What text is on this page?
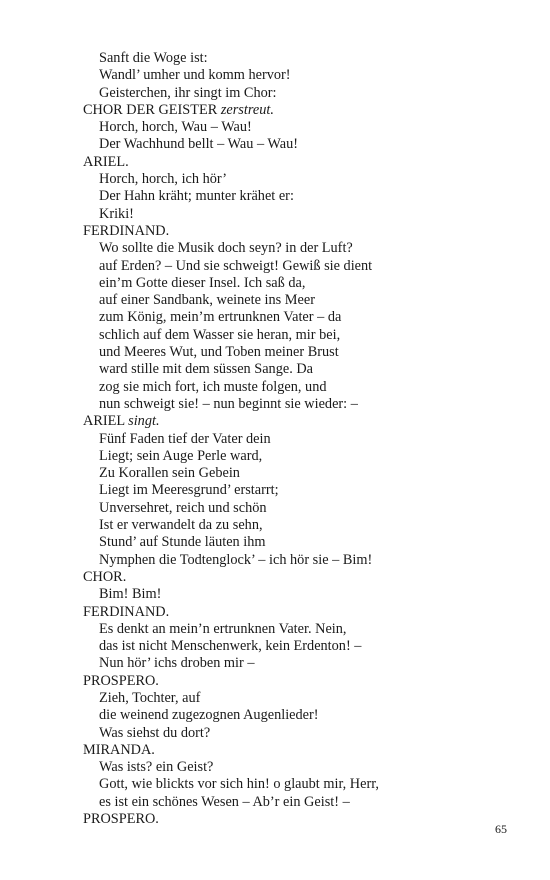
Sanft die Woge ist:
Wandl’ umher und komm hervor!
Geisterchen, ihr singt im Chor:
CHOR DER GEISTER zerstreut.
Horch, horch, Wau – Wau!
Der Wachhund bellt – Wau – Wau!
ARIEL.
Horch, horch, ich hör’
Der Hahn kräht; munter krähet er:
Kriki!
FERDINAND.
Wo sollte die Musik doch seyn? in der Luft?
auf Erden? – Und sie schweigt! Gewiß sie dient
ein’m Gotte dieser Insel. Ich saß da,
auf einer Sandbank, weinete ins Meer
zum König, mein’m ertrunknen Vater – da
schlich auf dem Wasser sie heran, mir bei,
und Meeres Wut, und Toben meiner Brust
ward stille mit dem süssen Sange. Da
zog sie mich fort, ich muste folgen, und
nun schweigt sie! – nun beginnt sie wieder: –
ARIEL singt.
Fünf Faden tief der Vater dein
Liegt; sein Auge Perle ward,
Zu Korallen sein Gebein
Liegt im Meeresgrund’ erstarrt;
Unversehret, reich und schön
Ist er verwandelt da zu sehn,
Stund’ auf Stunde läuten ihm
Nymphen die Todtenglock’ – ich hör sie – Bim!
CHOR.
Bim! Bim!
FERDINAND.
Es denkt an mein’n ertrunknen Vater. Nein,
das ist nicht Menschenwerk, kein Erdenton! –
Nun hör’ ichs droben mir –
PROSPERO.
Zieh, Tochter, auf
die weinend zugezognen Augenlieder!
Was siehst du dort?
MIRANDA.
Was ists? ein Geist?
Gott, wie blickts vor sich hin! o glaubt mir, Herr,
es ist ein schönes Wesen – Ab’r ein Geist! –
PROSPERO.
65
